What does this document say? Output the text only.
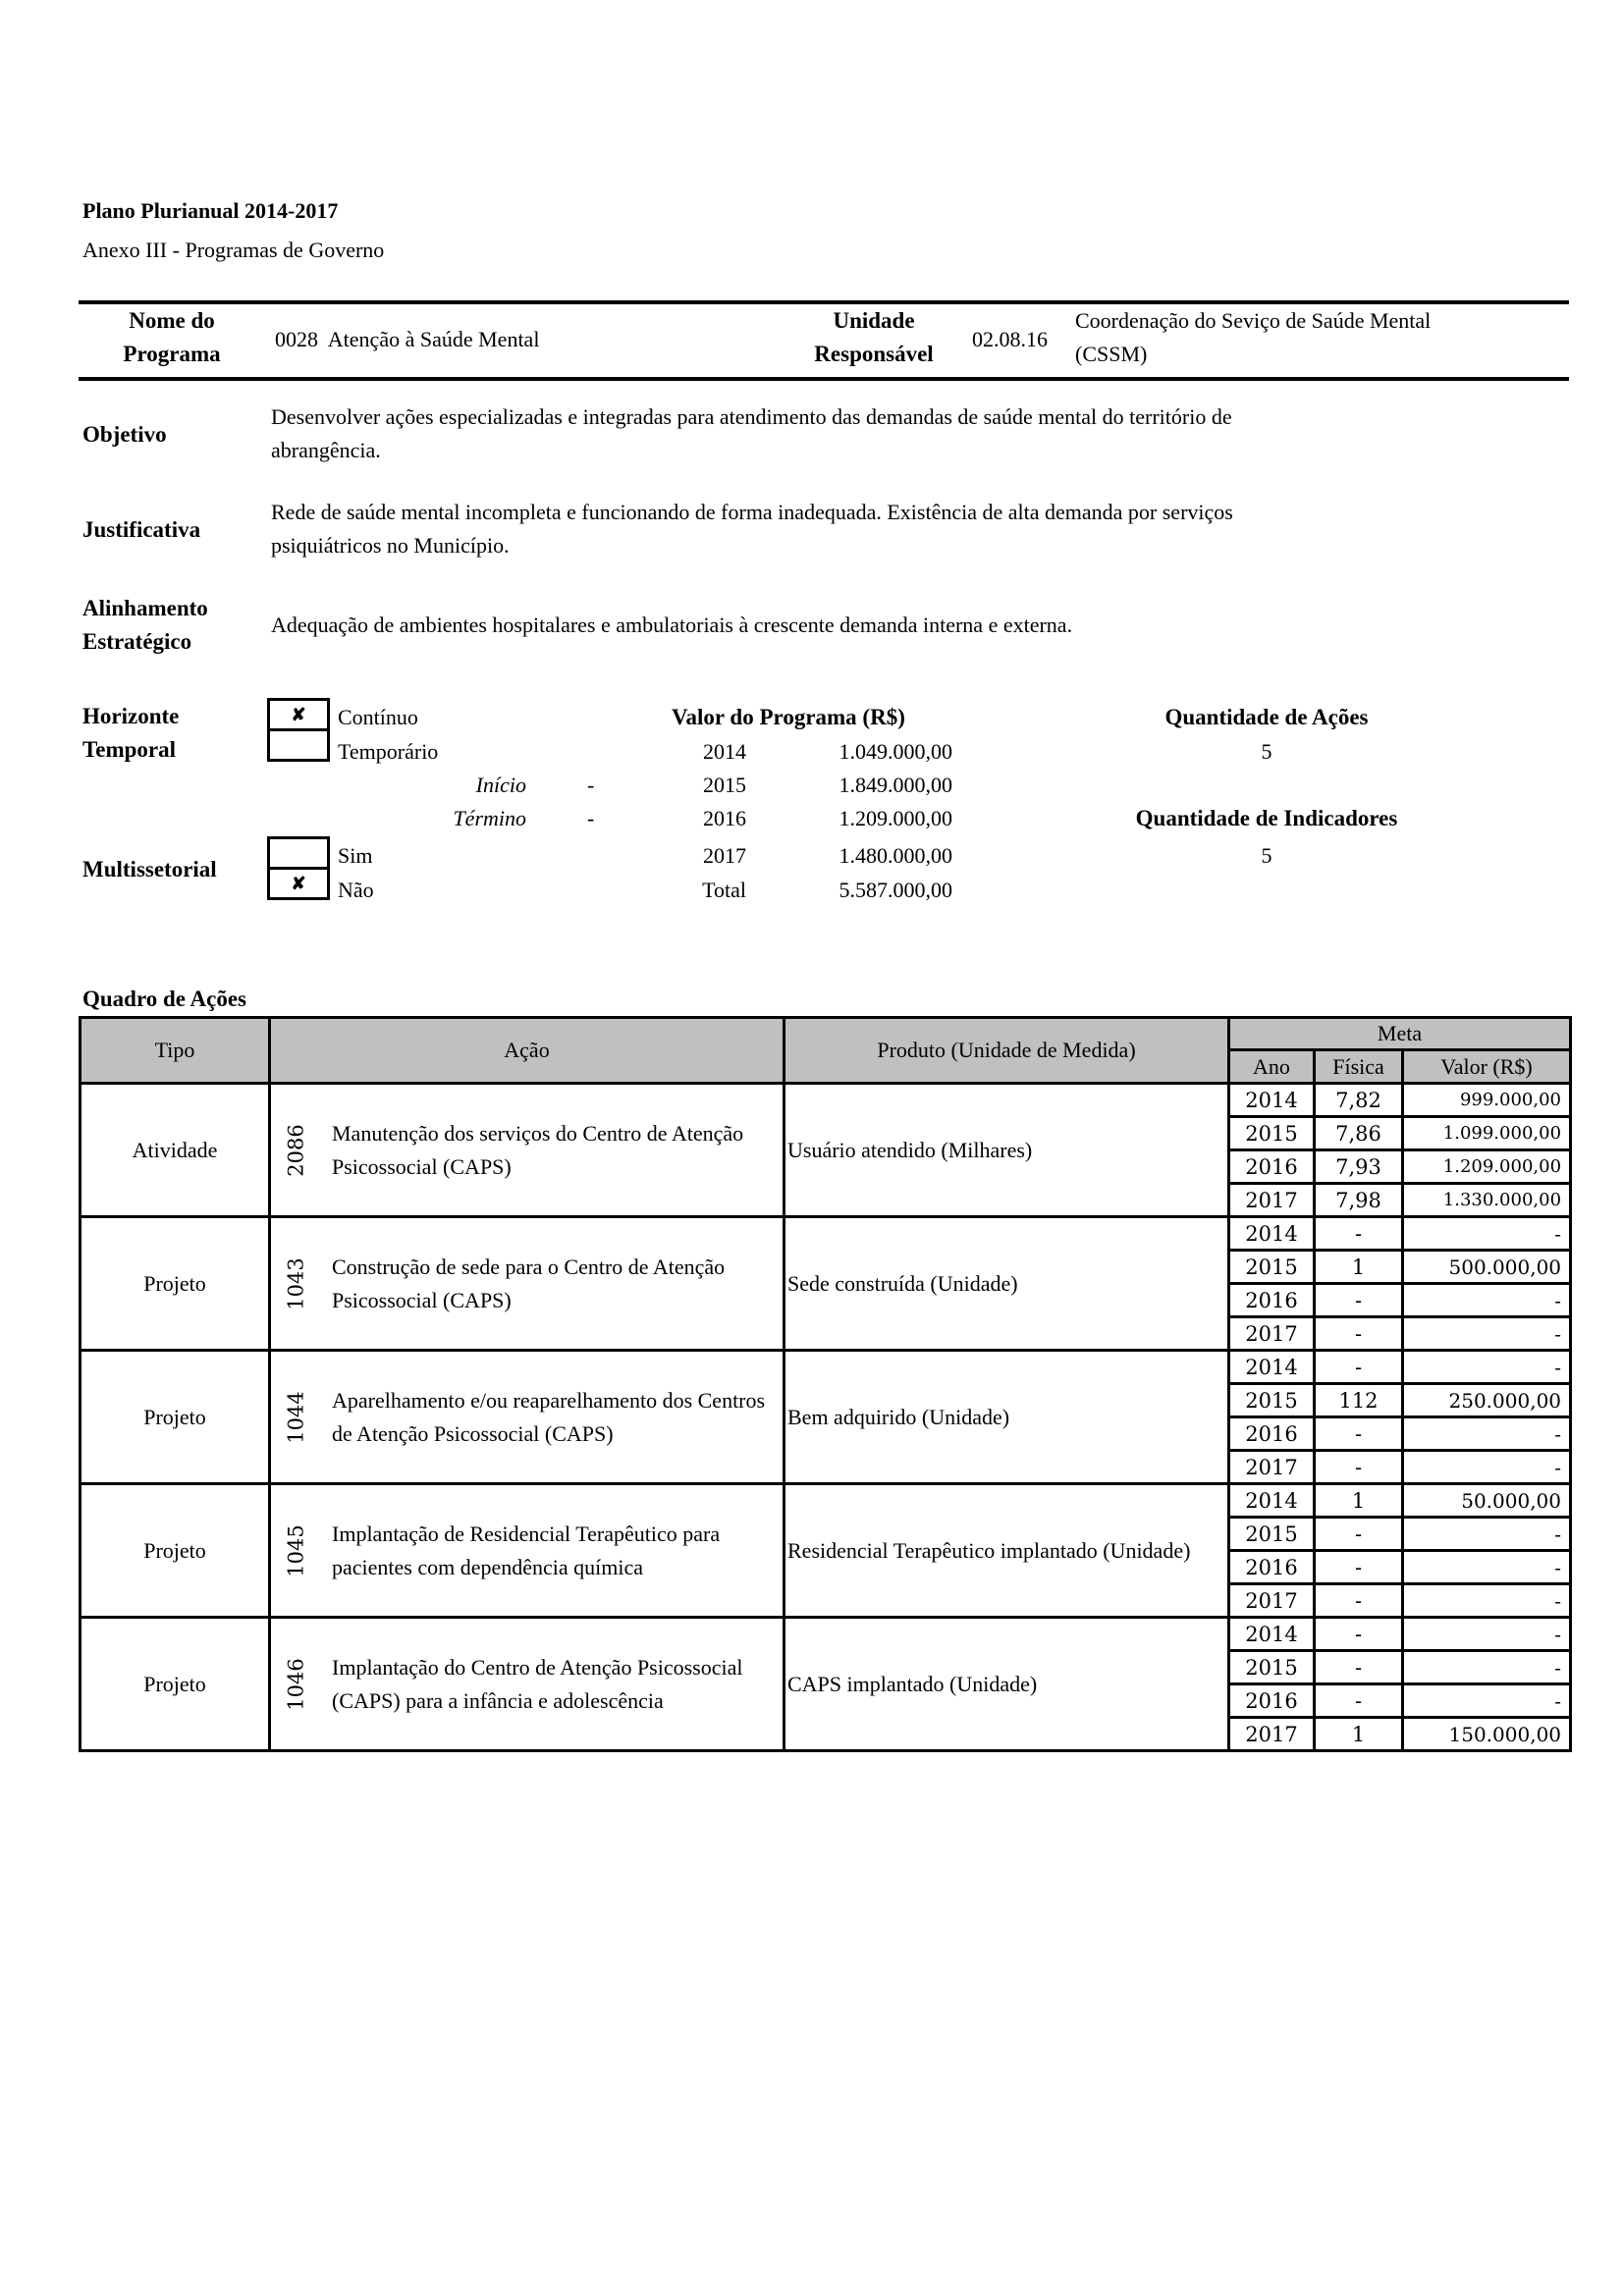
Plano Plurianual 2014-2017
Anexo III - Programas de Governo
Nome do
Programa
0028 Atenção à Saúde Mental
Unidade
Responsável
02.08.16
Coordenação do Seviço de Saúde Mental
(CSSM)
Objetivo
Desenvolver ações especializadas e integradas para atendimento das demandas de saúde mental do território de
abrangência.
Justificativa
Rede de saúde mental incompleta e funcionando de forma inadequada. Existência de alta demanda por serviços
psiquiátricos no Município.
Alinhamento
Estratégico
Adequação de ambientes hospitalares e ambulatoriais à crescente demanda interna e externa.
Horizonte
Temporal
✘ Contínuo
Temporário
Início	-
Término	-
Multissetorial
✘
Sim
Não
Valor do Programa (R$)
2014	1.049.000,00
2015	1.849.000,00
2016	1.209.000,00
2017	1.480.000,00
Total	5.587.000,00
Quantidade de Ações
5
Quantidade de Indicadores
5
Quadro de Ações
Tipo	Ação	Produto (Unidade de Medida)	Meta		
			Ano	Física	Valor (R$)
Atividade	2086 Manutenção dos serviços do Centro de Atenção Psicossocial (CAPS)	Usuário atendido (Milhares)	2014	7,82	999.000,00
			2015	7,86	1.099.000,00
			2016	7,93	1.209.000,00
			2017	7,98	1.330.000,00
Projeto	1043 Construção de sede para o Centro de Atenção Psicossocial (CAPS)	Sede construída (Unidade)	2014	-	-
			2015	1	500.000,00
			2016	-	-
			2017	-	-
Projeto	1044 Aparelhamento e/ou reaparelhamento dos Centros de Atenção Psicossocial (CAPS)	Bem adquirido (Unidade)	2014	-	-
			2015	112	250.000,00
			2016	-	-
			2017	-	-
Projeto	1045 Implantação de Residencial Terapêutico para pacientes com dependência química	Residencial Terapêutico implantado (Unidade)	2014	1	50.000,00
			2015	-	-
			2016	-	-
			2017	-	-
Projeto	1046 Implantação do Centro de Atenção Psicossocial (CAPS) para a infância e adolescência	CAPS implantado (Unidade)	2014	-	-
			2015	-	-
			2016	-	-
			2017	1	150.000,00
